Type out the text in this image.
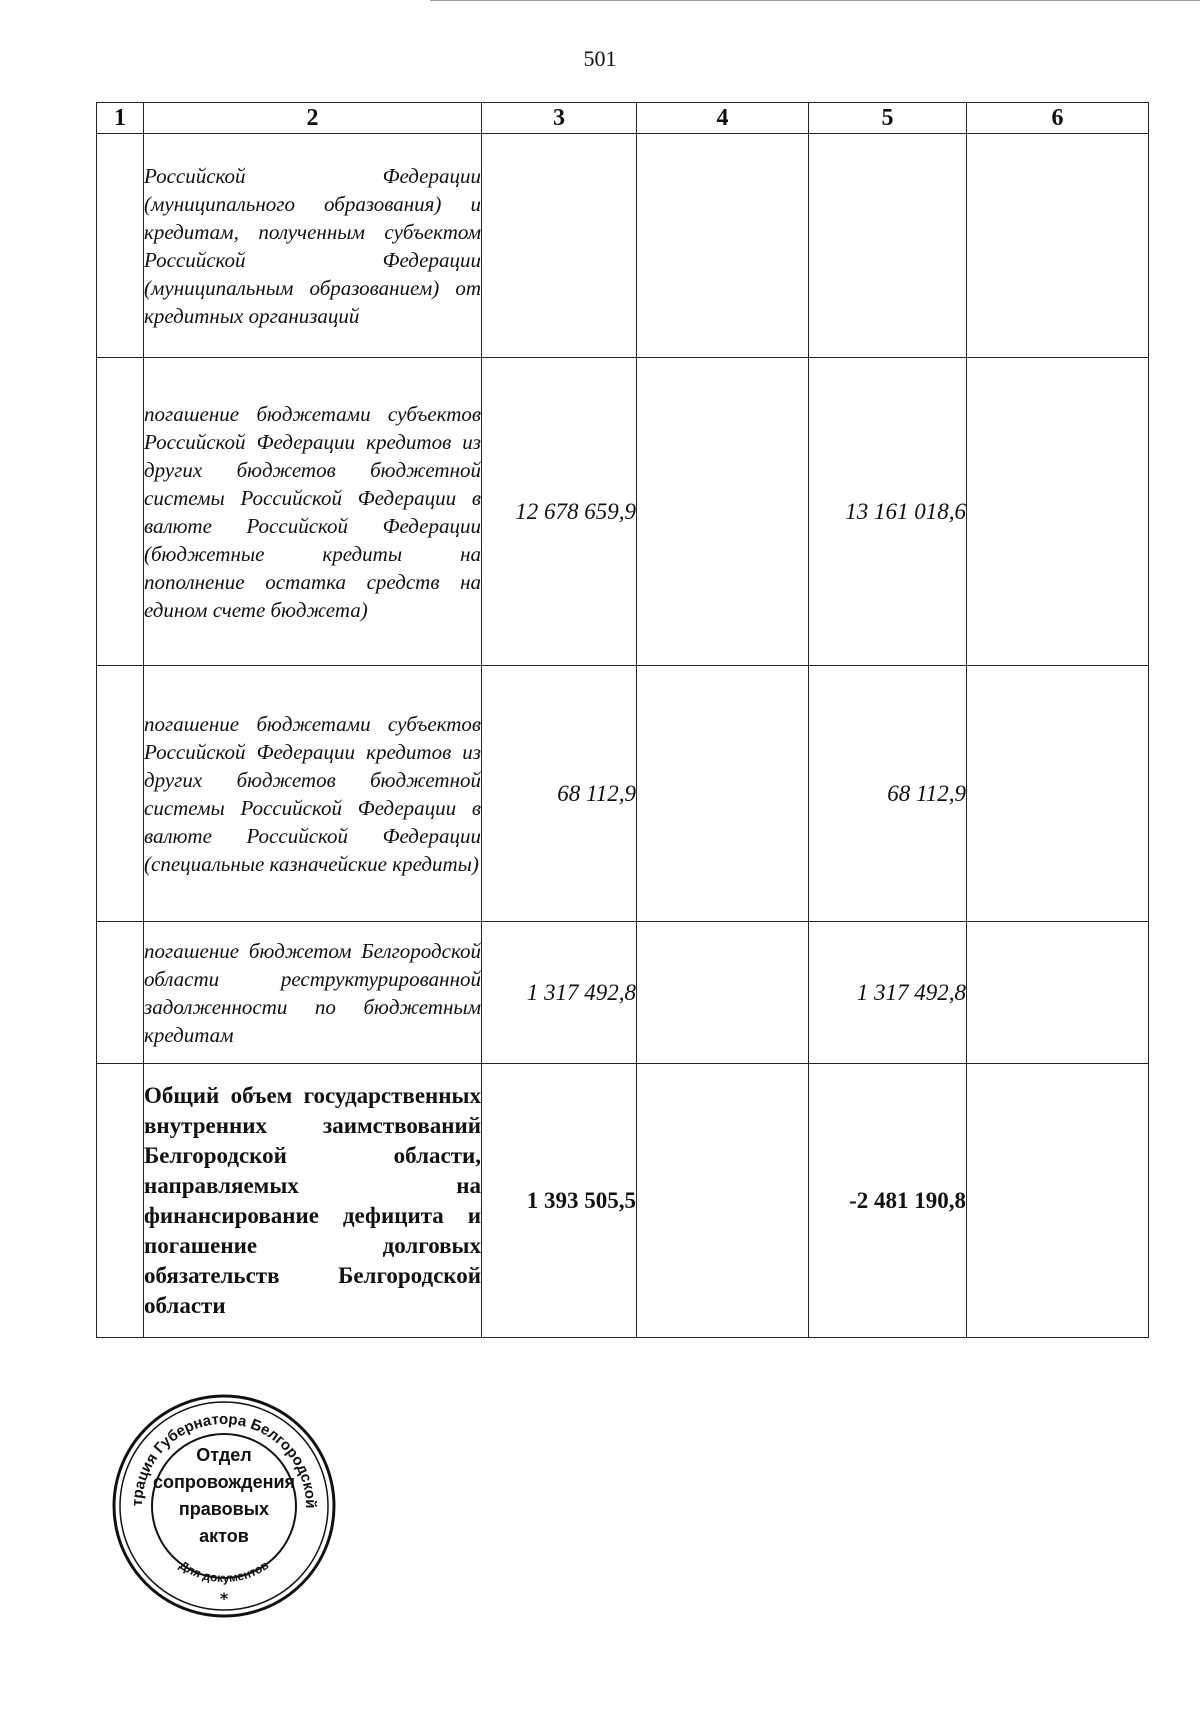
501
1	2	3	4	5	6
	Российской Федерации (муниципального образования) и кредитам, полученным субъектом Российской Федерации (муниципальным образованием) от кредитных организаций				
	погашение бюджетами субъектов Российской Федерации кредитов из других бюджетов бюджетной системы Российской Федерации в валюте Российской Федерации (бюджетные кредиты на пополнение остатка средств на едином счете бюджета)	12 678 659,9		13 161 018,6	
	погашение бюджетами субъектов Российской Федерации кредитов из других бюджетов бюджетной системы Российской Федерации в валюте Российской Федерации (специальные казначейские кредиты)	68 112,9		68 112,9	
	погашение бюджетом Белгородской области реструктурированной задолженности по бюджетным кредитам	1 317 492,8		1 317 492,8	
	Общий объем государственных внутренних заимствований Белгородской области, направляемых на финансирование дефицита и погашение долговых обязательств Белгородской области	1 393 505,5		-2 481 190,8	
трация Губернатора Белгородской
Для документов
*
Отдел
сопровождения
правовых
актов
